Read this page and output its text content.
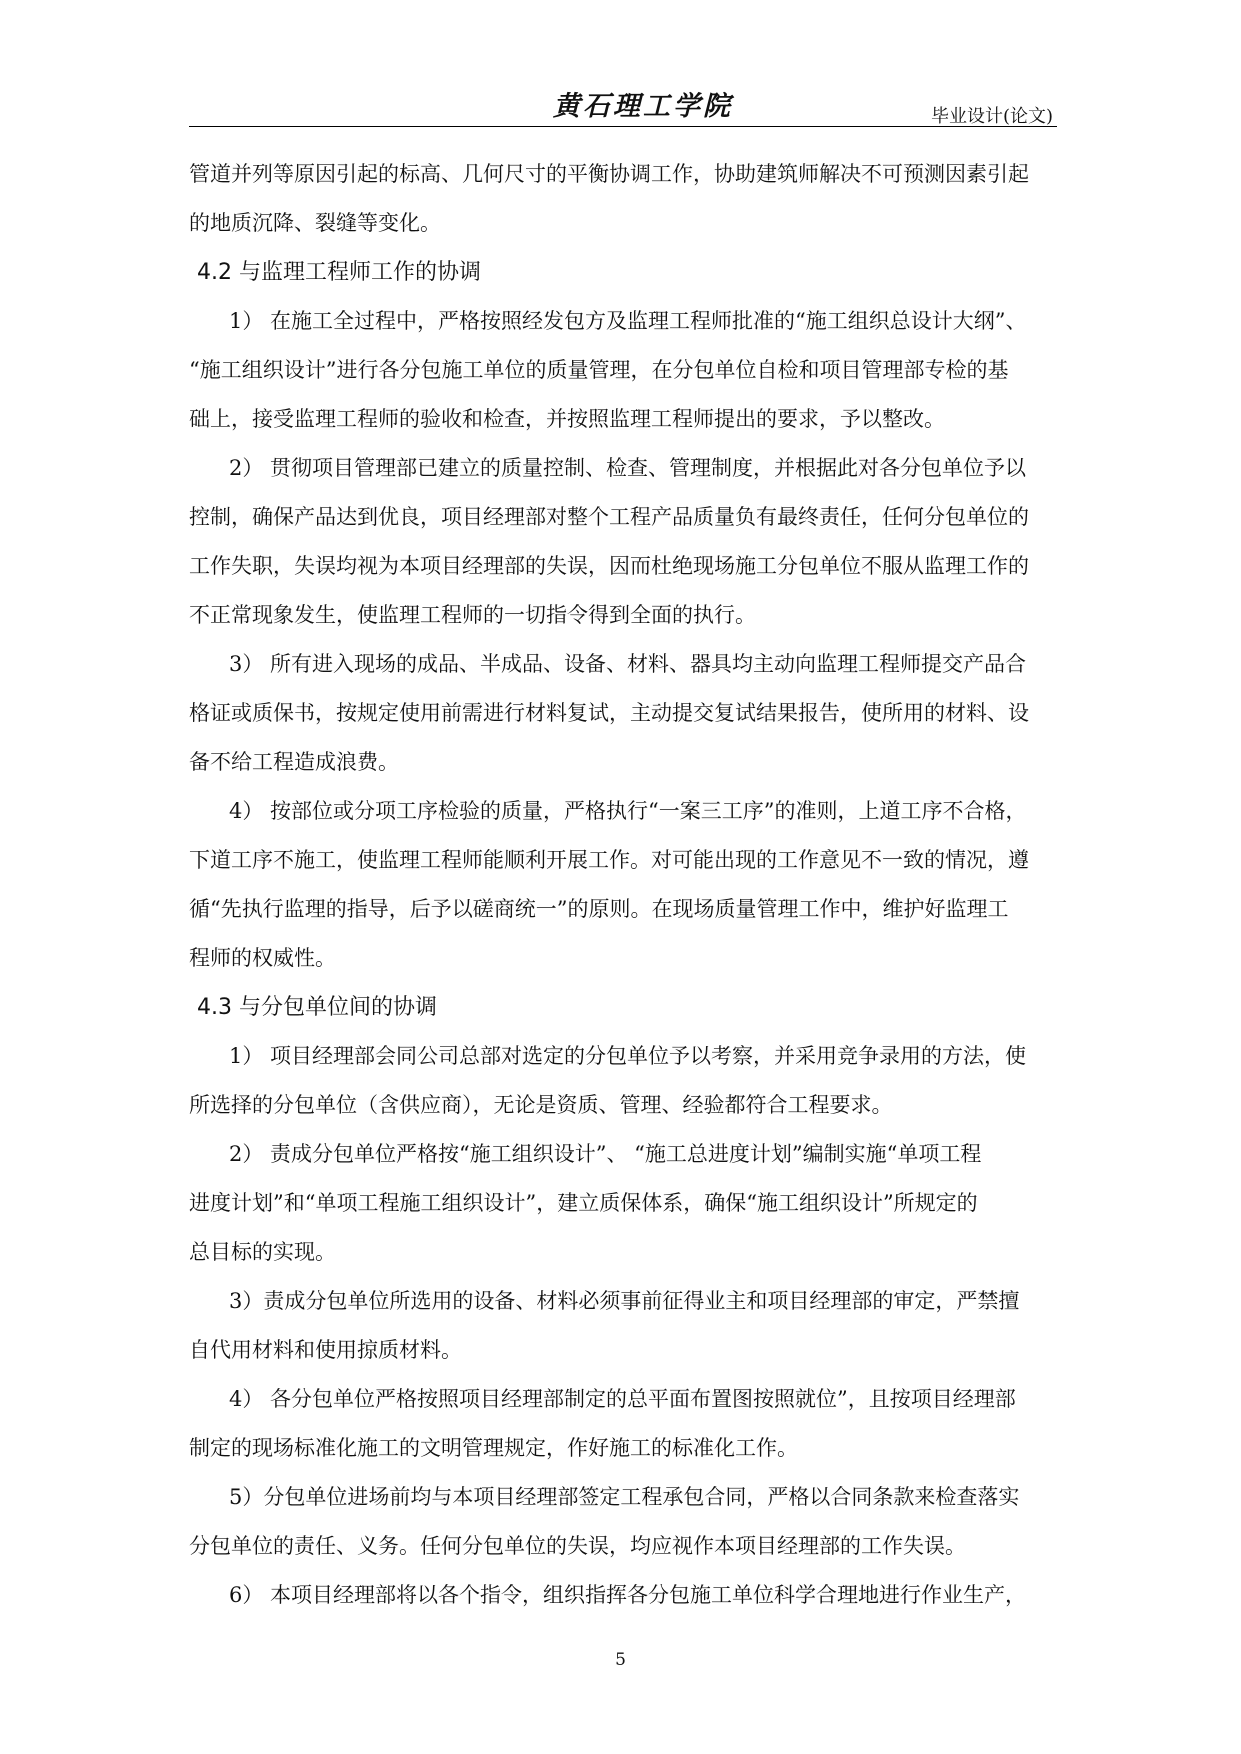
黄石理工学院	毕业设计(论文)
管道并列等原因引起的标高、几何尺寸的平衡协调工作，协助建筑师解决不可预测因素引起
的地质沉降、裂缝等变化。
4.2 与监理工程师工作的协调
1） 在施工全过程中，严格按照经发包方及监理工程师批准的“施工组织总设计大纲”、
“施工组织设计”进行各分包施工单位的质量管理，在分包单位自检和项目管理部专检的基
础上，接受监理工程师的验收和检查，并按照监理工程师提出的要求，予以整改。
2） 贯彻项目管理部已建立的质量控制、检查、管理制度，并根据此对各分包单位予以
控制，确保产品达到优良，项目经理部对整个工程产品质量负有最终责任，任何分包单位的
工作失职，失误均视为本项目经理部的失误，因而杜绝现场施工分包单位不服从监理工作的
不正常现象发生，使监理工程师的一切指令得到全面的执行。
3） 所有进入现场的成品、半成品、设备、材料、器具均主动向监理工程师提交产品合
格证或质保书，按规定使用前需进行材料复试，主动提交复试结果报告，使所用的材料、设
备不给工程造成浪费。
4） 按部位或分项工序检验的质量，严格执行“一案三工序”的准则，上道工序不合格，
下道工序不施工，使监理工程师能顺利开展工作。对可能出现的工作意见不一致的情况，遵
循“先执行监理的指导，后予以磋商统一”的原则。在现场质量管理工作中，维护好监理工
程师的权威性。
4.3 与分包单位间的协调
1） 项目经理部会同公司总部对选定的分包单位予以考察，并采用竞争录用的方法，使
所选择的分包单位（含供应商），无论是资质、管理、经验都符合工程要求。
2） 责成分包单位严格按“施工组织设计”、 “施工总进度计划”编制实施“单项工程
进度计划”和“单项工程施工组织设计”，建立质保体系，确保“施工组织设计”所规定的
总目标的实现。
3）责成分包单位所选用的设备、材料必须事前征得业主和项目经理部的审定，严禁擅
自代用材料和使用掠质材料。
4） 各分包单位严格按照项目经理部制定的总平面布置图按照就位”，且按项目经理部
制定的现场标准化施工的文明管理规定，作好施工的标准化工作。
5）分包单位进场前均与本项目经理部签定工程承包合同，严格以合同条款来检查落实
分包单位的责任、义务。任何分包单位的失误，均应视作本项目经理部的工作失误。
6） 本项目经理部将以各个指令，组织指挥各分包施工单位科学合理地进行作业生产，
5
